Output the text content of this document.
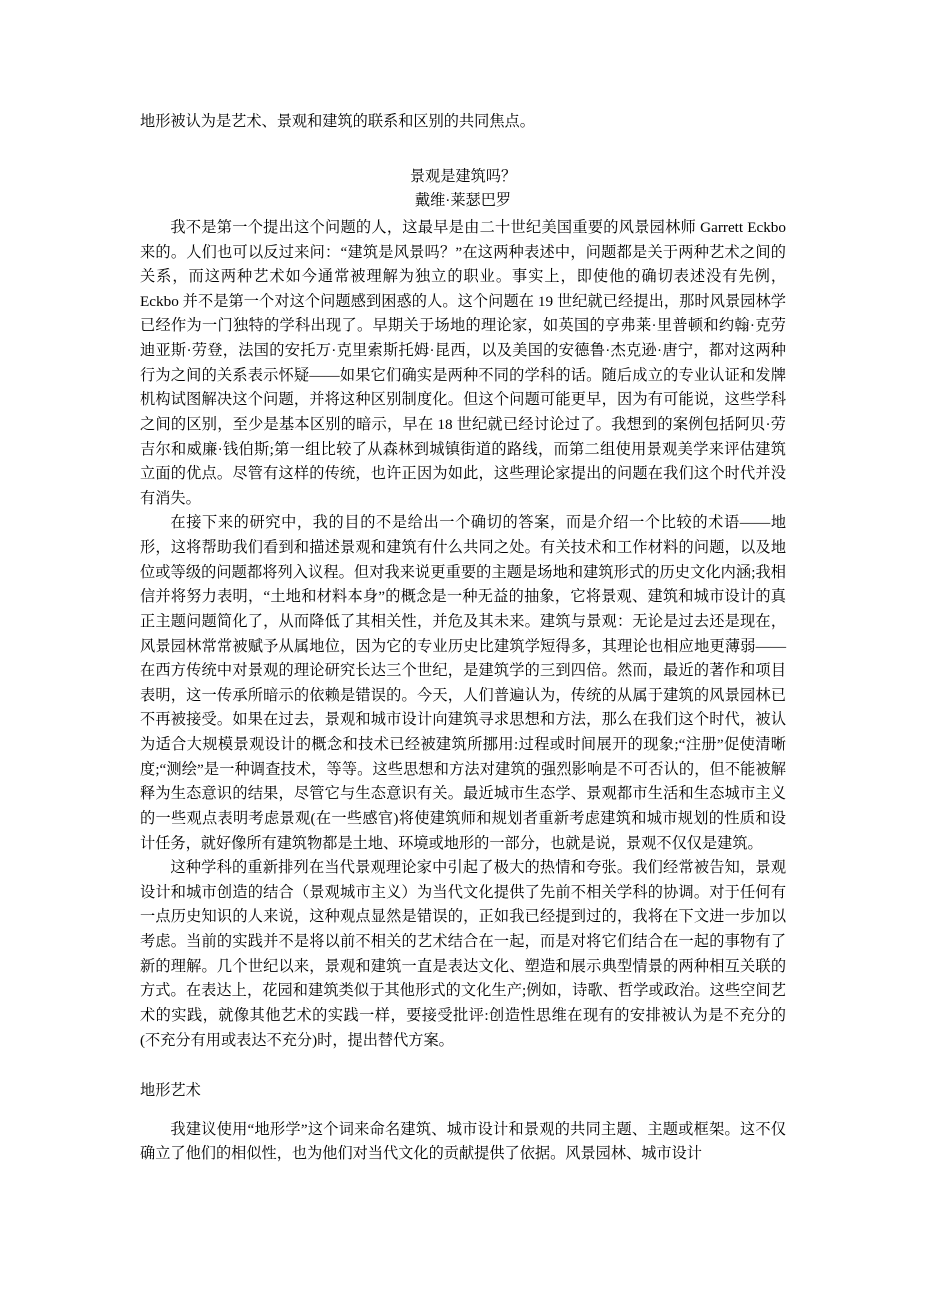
地形被认为是艺术、景观和建筑的联系和区别的共同焦点。

景观是建筑吗？
戴维·莱瑟巴罗

我不是第一个提出这个问题的人，这最早是由二十世纪美国重要的风景园林师 Garrett Eckbo 来的。人们也可以反过来问：“建筑是风景吗？”在这两种表述中，问题都是关于两种艺术之间的关系，而这两种艺术如今通常被理解为独立的职业。事实上，即使他的确切表述没有先例，Eckbo 并不是第一个对这个问题感到困惑的人。这个问题在 19 世纪就已经提出，那时风景园林学已经作为一门独特的学科出现了。早期关于场地的理论家，如英国的亨弗莱·里普顿和约翰·克劳迪亚斯·劳登，法国的安托万·克里索斯托姆·昆西，以及美国的安德鲁·杰克逊·唐宁，都对这两种行为之间的关系表示怀疑——如果它们确实是两种不同的学科的话。随后成立的专业认证和发牌机构试图解决这个问题，并将这种区别制度化。但这个问题可能更早，因为有可能说，这些学科之间的区别，至少是基本区别的暗示，早在 18 世纪就已经讨论过了。我想到的案例包括阿贝·劳吉尔和威廉·钱伯斯;第一组比较了从森林到城镇街道的路线，而第二组使用景观美学来评估建筑立面的优点。尽管有这样的传统，也许正因为如此，这些理论家提出的问题在我们这个时代并没有消失。

在接下来的研究中，我的目的不是给出一个确切的答案，而是介绍一个比较的术语——地形，这将帮助我们看到和描述景观和建筑有什么共同之处。有关技术和工作材料的问题，以及地位或等级的问题都将列入议程。但对我来说更重要的主题是场地和建筑形式的历史文化内涵;我相信并将努力表明，“土地和材料本身”的概念是一种无益的抽象，它将景观、建筑和城市设计的真正主题问题简化了，从而降低了其相关性，并危及其未来。建筑与景观：无论是过去还是现在，风景园林常常被赋予从属地位，因为它的专业历史比建筑学短得多，其理论也相应地更薄弱——在西方传统中对景观的理论研究长达三个世纪，是建筑学的三到四倍。然而，最近的著作和项目表明，这一传承所暗示的依赖是错误的。今天，人们普遍认为，传统的从属于建筑的风景园林已不再被接受。如果在过去，景观和城市设计向建筑寻求思想和方法，那么在我们这个时代，被认为适合大规模景观设计的概念和技术已经被建筑所挪用:过程或时间展开的现象;“注册”促使清晰度;“测绘”是一种调查技术，等等。这些思想和方法对建筑的强烈影响是不可否认的，但不能被解释为生态意识的结果，尽管它与生态意识有关。最近城市生态学、景观都市生活和生态城市主义的一些观点表明考虑景观(在一些感官)将使建筑师和规划者重新考虑建筑和城市规划的性质和设计任务，就好像所有建筑物都是土地、环境或地形的一部分，也就是说，景观不仅仅是建筑。

这种学科的重新排列在当代景观理论家中引起了极大的热情和夸张。我们经常被告知，景观设计和城市创造的结合（景观城市主义）为当代文化提供了先前不相关学科的协调。对于任何有一点历史知识的人来说，这种观点显然是错误的，正如我已经提到过的，我将在下文进一步加以考虑。当前的实践并不是将以前不相关的艺术结合在一起，而是对将它们结合在一起的事物有了新的理解。几个世纪以来，景观和建筑一直是表达文化、塑造和展示典型情景的两种相互关联的方式。在表达上，花园和建筑类似于其他形式的文化生产;例如，诗歌、哲学或政治。这些空间艺术的实践，就像其他艺术的实践一样，要接受批评:创造性思维在现有的安排被认为是不充分的(不充分有用或表达不充分)时，提出替代方案。

地形艺术

我建议使用“地形学”这个词来命名建筑、城市设计和景观的共同主题、主题或框架。这不仅确立了他们的相似性，也为他们对当代文化的贡献提供了依据。风景园林、城市设计
